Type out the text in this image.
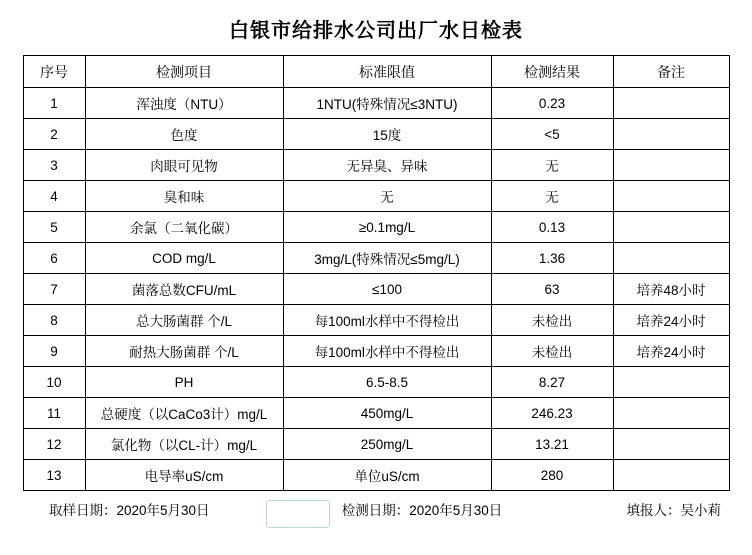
白银市给排水公司出厂水日检表
序号	检测项目	标准限值	检测结果	备注
1	浑浊度（NTU）	1NTU(特殊情况≤3NTU)	0.23	
2	色度	15度	<5	
3	肉眼可见物	无异臭、异味	无	
4	臭和味	无	无	
5	余氯（二氧化碳）	≥0.1mg/L	0.13	
6	COD mg/L	3mg/L(特殊情况≤5mg/L)	1.36	
7	菌落总数CFU/mL	≤100	63	培养48小时
8	总大肠菌群 个/L	每100ml水样中不得检出	未检出	培养24小时
9	耐热大肠菌群 个/L	每100ml水样中不得检出	未检出	培养24小时
10	PH	6.5-8.5	8.27	
11	总硬度（以CaCo3计）mg/L	450mg/L	246.23	
12	氯化物（以CL-计）mg/L	250mg/L	13.21	
13	电导率uS/cm	单位uS/cm	280	
取样日期：2020年5月30日	检测日期：2020年5月30日	填报人：吴小莉
